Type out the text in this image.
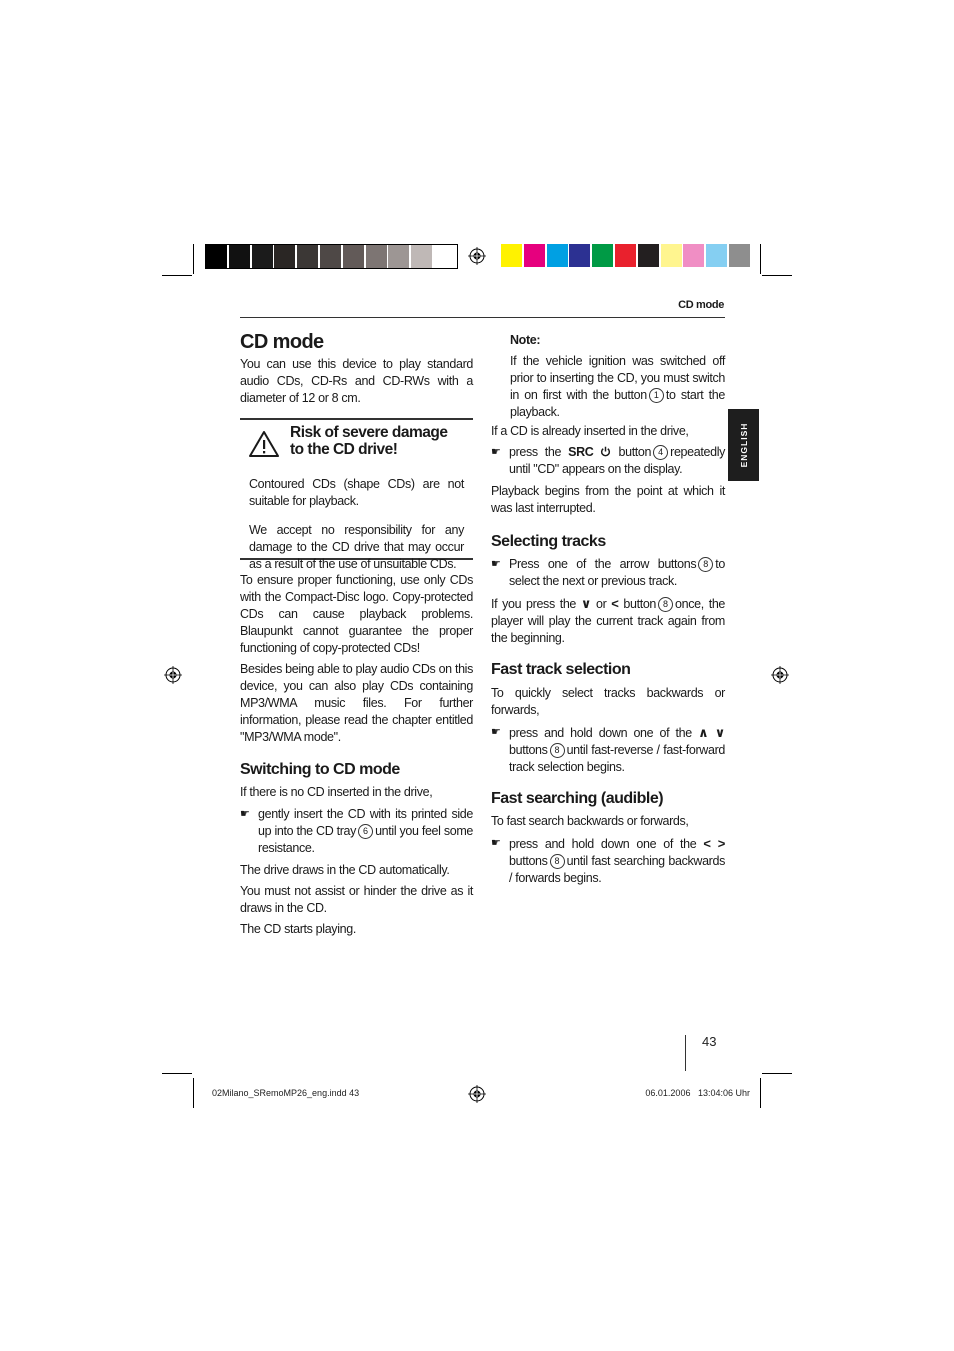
CD mode
ENGLISH
CD mode

You can use this device to play standard audio CDs, CD-Rs and CD-RWs with a diameter of 12 or 8 cm.

Risk of severe damage
to the CD drive!

Contoured CDs (shape CDs) are not suitable for playback.

We accept no responsibility for any damage to the CD drive that may occur as a result of the use of unsuitable CDs.

To ensure proper functioning, use only CDs with the Compact-Disc logo. Copy-protected CDs can cause playback problems. Blaupunkt cannot guarantee the proper functioning of copy-protected CDs!

Besides being able to play audio CDs on this device, you can also play CDs containing MP3/WMA music files. For further information, please read the chapter entitled "MP3/WMA mode".

Switching to CD mode

If there is no CD inserted in the drive,

☛ gently insert the CD with its printed side up into the CD tray 6 until you feel some resistance.

The drive draws in the CD automatically.

You must not assist or hinder the drive as it draws in the CD.

The CD starts playing.

Note:

If the vehicle ignition was switched off prior to inserting the CD, you must switch in on first with the button 1 to start the playback.

If a CD is already inserted in the drive,

☛ press the SRC button 4 repeatedly until "CD" appears on the display.

Playback begins from the point at which it was last interrupted.

Selecting tracks
☛ Press one of the arrow buttons 8 to select the next or previous track.

If you press the ∨ or < button 8 once, the player will play the current track again from the beginning.

Fast track selection

To quickly select tracks backwards or forwards,

☛ press and hold down one of the ∧ ∨ buttons 8 until fast-reverse / fast-forward track selection begins.
Fast searching (audible)

To fast search backwards or forwards,

☛ press and hold down one of the < > buttons 8 until fast searching backwards / forwards begins.
43
02Milano_SRemoMP26_eng.indd 43	06.01.2006   13:04:06 Uhr
